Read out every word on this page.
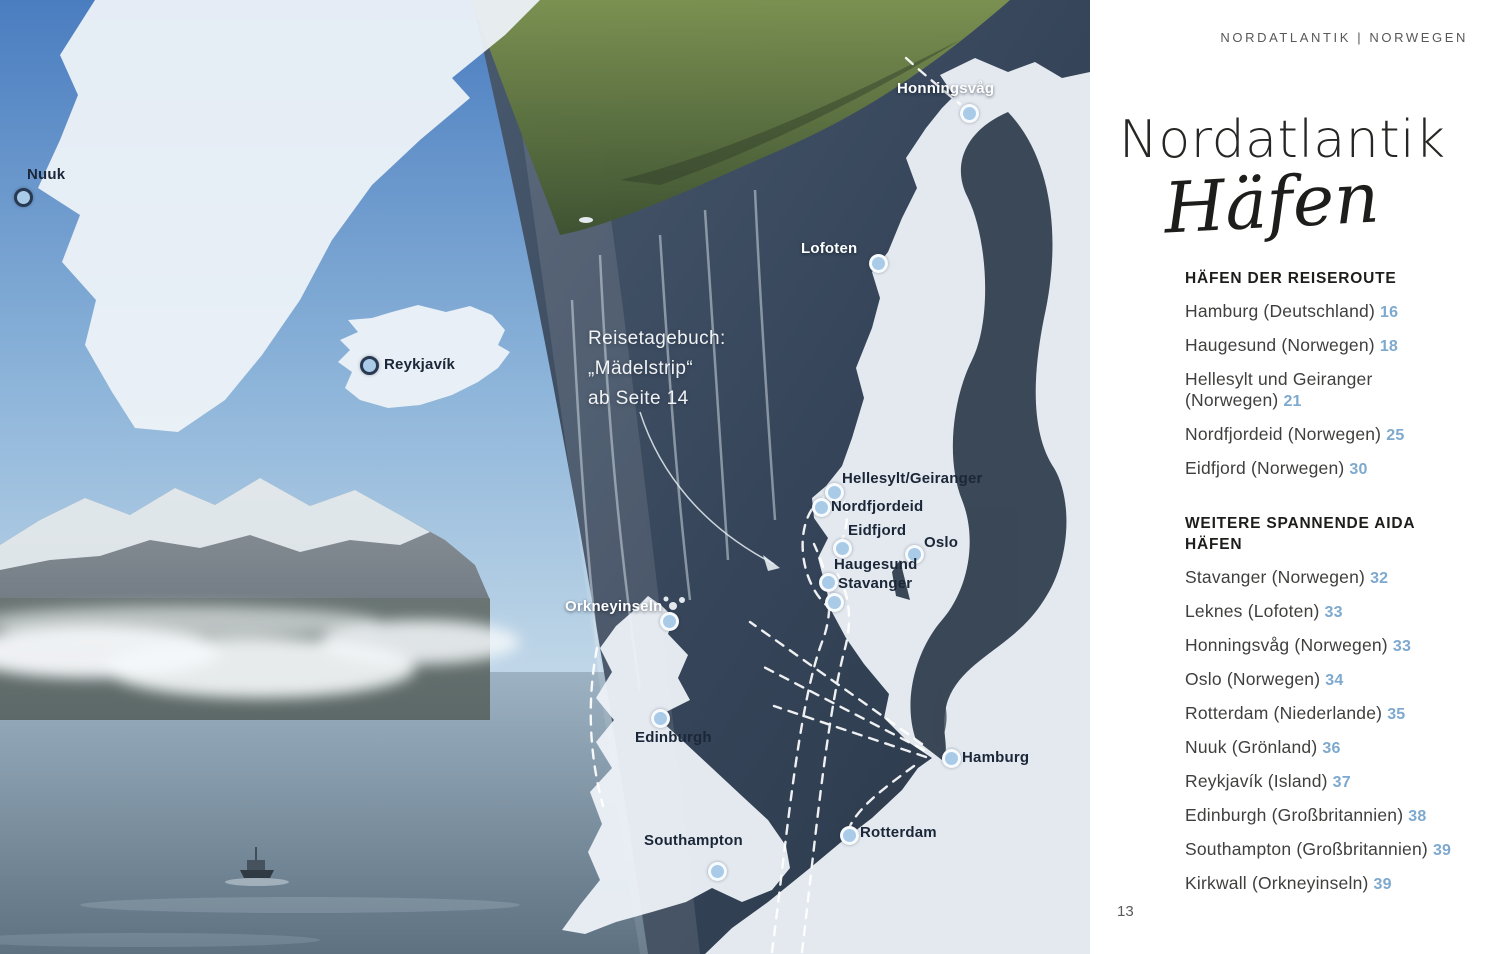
Reisetagebuch:
„Mädelstrip“
ab Seite 14
Nuuk
Reykjavík
Honningsvåg
Lofoten
Hellesylt/Geiranger
Nordfjordeid
Eidfjord
Oslo
Haugesund
Stavanger
Orkneyinseln
Edinburgh
Southampton	Rotterdam
Hamburg
NORDATLANTIK | NORWEGEN
Nordatlantik
Häfen
HÄFEN DER REISEROUTE
Hamburg (Deutschland) 16
Haugesund (Norwegen) 18
Hellesylt und Geiranger (Norwegen) 21
Nordfjordeid (Norwegen) 25
Eidfjord (Norwegen) 30
WEITERE SPANNENDE AIDA HÄFEN
Stavanger (Norwegen) 32
Leknes (Lofoten) 33
Honningsvåg (Norwegen) 33
Oslo (Norwegen) 34
Rotterdam (Niederlande) 35
Nuuk (Grönland) 36
Reykjavík (Island) 37
Edinburgh (Großbritannien) 38
Southampton (Großbritannien) 39
Kirkwall (Orkneyinseln) 39
13
